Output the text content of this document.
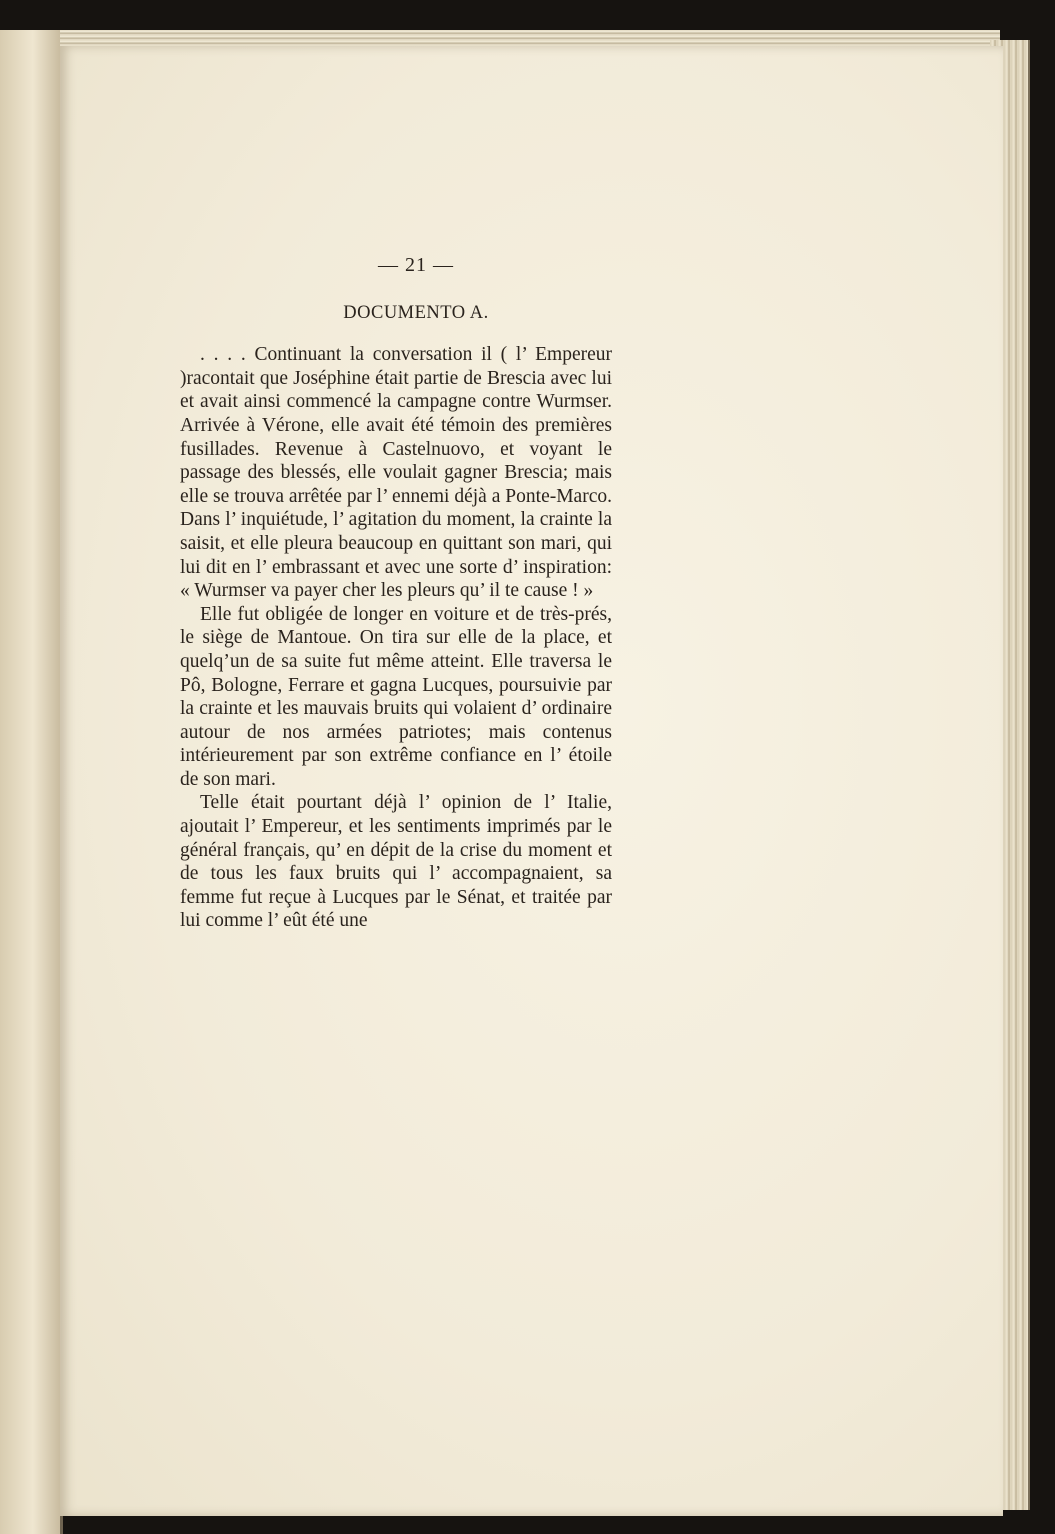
— 21 —
DOCUMENTO A.

. . . . Continuant la conversation il ( l’ Empereur )racontait que Joséphine était partie de Brescia avec lui et avait ainsi commencé la campagne contre Wurmser. Arrivée à Vérone, elle avait été témoin des premières fusillades. Revenue à Castelnuovo, et voyant le passage des blessés, elle voulait gagner Brescia; mais elle se trouva arrêtée par l’ ennemi déjà a Ponte-Marco. Dans l’ inquiétude, l’ agitation du moment, la crainte la saisit, et elle pleura beaucoup en quittant son mari, qui lui dit en l’ embrassant et avec une sorte d’ inspiration: « Wurmser va payer cher les pleurs qu’ il te cause ! »

Elle fut obligée de longer en voiture et de très-prés, le siège de Mantoue. On tira sur elle de la place, et quelq’un de sa suite fut même atteint. Elle traversa le Pô, Bologne, Ferrare et gagna Lucques, poursuivie par la crainte et les mauvais bruits qui volaient d’ ordinaire autour de nos armées patriotes; mais contenus intérieurement par son extrême confiance en l’ étoile de son mari.

Telle était pourtant déjà l’ opinion de l’ Italie, ajoutait l’ Empereur, et les sentiments imprimés par le général français, qu’ en dépit de la crise du moment et de tous les faux bruits qui l’ accompagnaient, sa femme fut reçue à Lucques par le Sénat, et traitée par lui comme l’ eût été une
